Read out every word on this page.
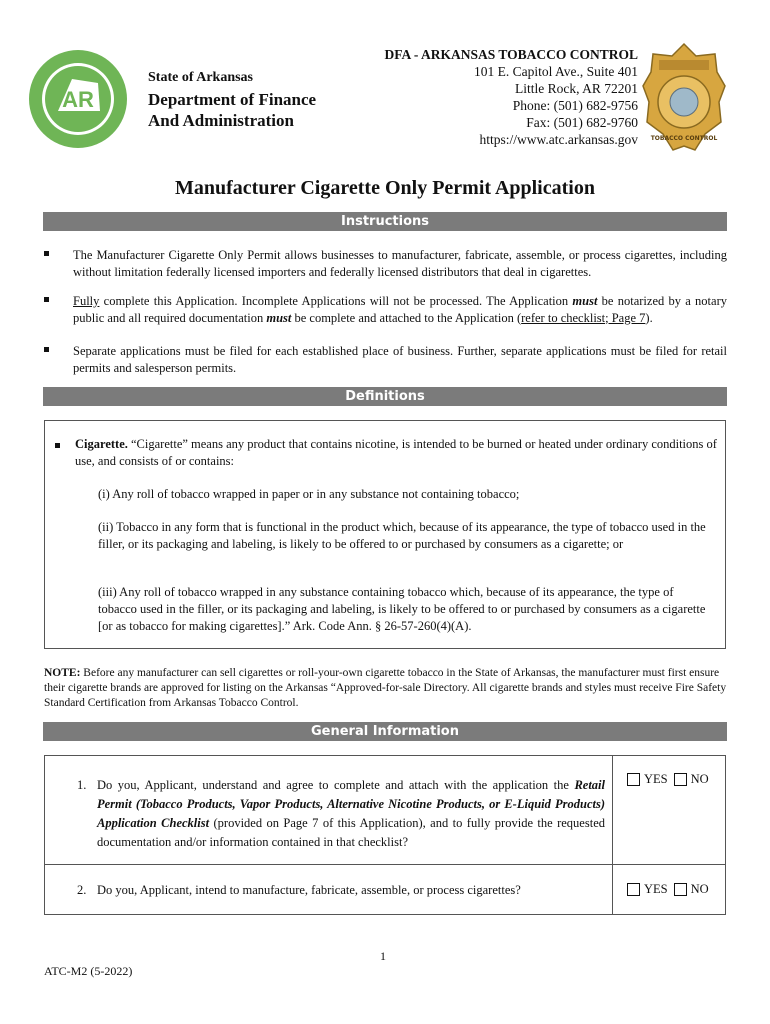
AR
TOBACCO CONTROL
State of Arkansas
Department of Finance
And Administration
DFA - ARKANSAS TOBACCO CONTROL
101 E. Capitol Ave., Suite 401
Little Rock, AR 72201
Phone: (501) 682-9756
Fax: (501) 682-9760
https://www.atc.arkansas.gov
Manufacturer Cigarette Only Permit Application
Instructions
The Manufacturer Cigarette Only Permit allows businesses to manufacturer, fabricate, assemble, or process cigarettes, including without limitation federally licensed importers and federally licensed distributors that deal in cigarettes.
Fully complete this Application. Incomplete Applications will not be processed. The Application must be notarized by a notary public and all required documentation must be complete and attached to the Application (refer to checklist; Page 7).
Separate applications must be filed for each established place of business. Further, separate applications must be filed for retail permits and salesperson permits.
Definitions
Cigarette. “Cigarette” means any product that contains nicotine, is intended to be burned or heated under ordinary conditions of use, and consists of or contains:
(i) Any roll of tobacco wrapped in paper or in any substance not containing tobacco;
(ii) Tobacco in any form that is functional in the product which, because of its appearance, the type of tobacco used in the filler, or its packaging and labeling, is likely to be offered to or purchased by consumers as a cigarette; or
(iii) Any roll of tobacco wrapped in any substance containing tobacco which, because of its appearance, the type of tobacco used in the filler, or its packaging and labeling, is likely to be offered to or purchased by consumers as a cigarette [or as tobacco for making cigarettes].” Ark. Code Ann. § 26-57-260(4)(A).
NOTE: Before any manufacturer can sell cigarettes or roll-your-own cigarette tobacco in the State of Arkansas, the manufacturer must first ensure their cigarette brands are approved for listing on the Arkansas “Approved-for-sale Directory. All cigarette brands and styles must receive Fire Safety Standard Certification from Arkansas Tobacco Control.
General Information
1. Do you, Applicant, understand and agree to complete and attach with the application the Retail Permit (Tobacco Products, Vapor Products, Alternative Nicotine Products, or E-Liquid Products) Application Checklist (provided on Page 7 of this Application), and to fully provide the requested documentation and/or information contained in that checklist?
YES NO
2. Do you, Applicant, intend to manufacture, fabricate, assemble, or process cigarettes?	YES NO
1
ATC-M2 (5-2022)
